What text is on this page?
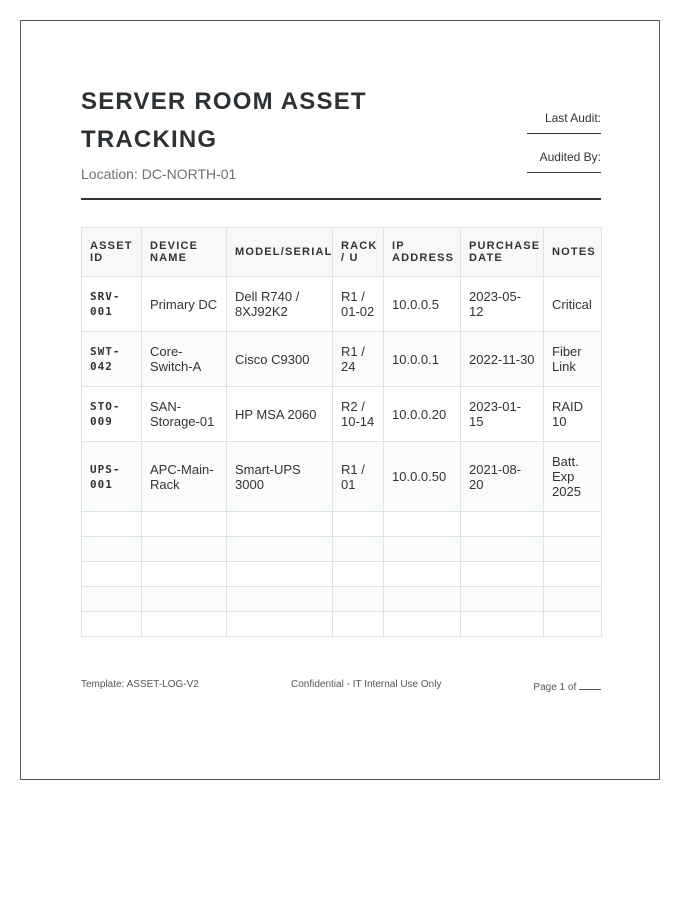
SERVER ROOM ASSET TRACKING
Location: DC-NORTH-01
Last Audit:
Audited By:
ASSET ID	DEVICE NAME	MODEL/SERIAL	RACK / U	IP ADDRESS	PURCHASE DATE	NOTES
SRV-001	Primary DC	Dell R740 / 8XJ92K2	R1 / 01-02	10.0.0.5	2023-05-12	Critical
SWT-042	Core-Switch-A	Cisco C9300	R1 / 24	10.0.0.1	2022-11-30	Fiber Link
STO-009	SAN-Storage-01	HP MSA 2060	R2 / 10-14	10.0.0.20	2023-01-15	RAID 10
UPS-001	APC-Main-Rack	Smart-UPS 3000	R1 / 01	10.0.0.50	2021-08-20	Batt. Exp 2025

Template: ASSET-LOG-V2	Confidential - IT Internal Use Only	Page 1 of
